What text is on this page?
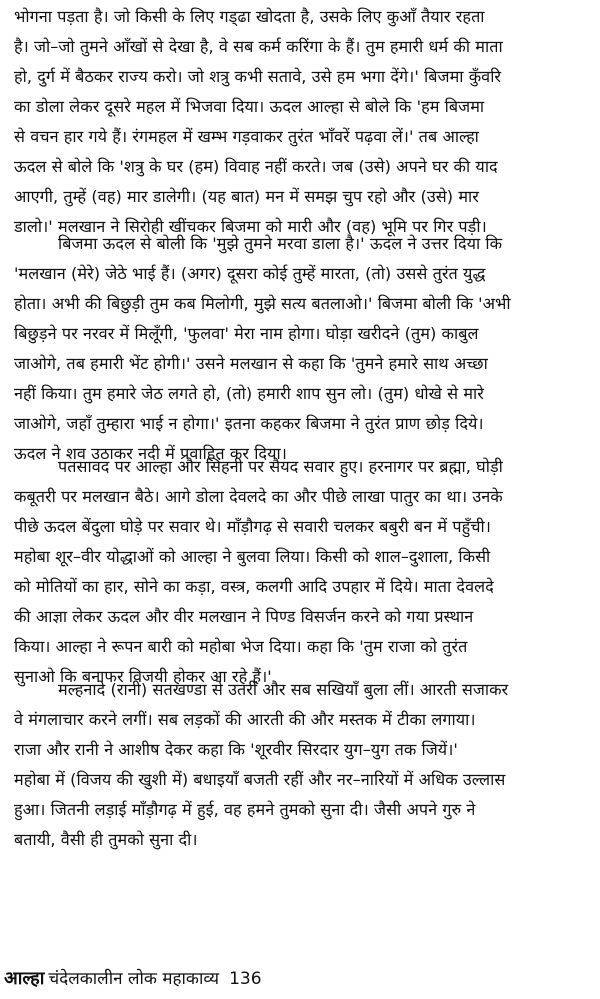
भोगना पड़ता है। जो किसी के लिए गड्‌ढा खोदता है, उसके लिए कुआँ तैयार रहता
है। जो–जो तुमने आँखों से देखा है, वे सब कर्म करिंगा के हैं। तुम हमारी धर्म की माता
हो, दुर्ग में बैठकर राज्य करो। जो शत्रु कभी सतावे, उसे हम भगा देंगे।' बिजमा कुँवरि
का डोला लेकर दूसरे महल में भिजवा दिया। ऊदल आल्हा से बोले कि 'हम बिजमा
से वचन हार गये हैं। रंगमहल में खम्भ गड़वाकर तुरंत भाँवरें पढ़वा लें।' तब आल्हा
ऊदल से बोले कि 'शत्रु के घर (हम) विवाह नहीं करते। जब (उसे) अपने घर की याद
आएगी, तुम्हें (वह) मार डालेगी। (यह बात) मन में समझ चुप रहो और (उसे) मार
डालो।' मलखान ने सिरोही खींचकर बिजमा को मारी और (वह) भूमि पर गिर पड़ी।
बिजमा ऊदल से बोली कि 'मुझे तुमने मरवा डाला है।' ऊदल ने उत्तर दिया कि
'मलखान (मेरे) जेठे भाई हैं। (अगर) दूसरा कोई तुम्हें मारता, (तो) उससे तुरंत युद्ध
होता। अभी की बिछुड़ी तुम कब मिलोगी, मुझे सत्य बतलाओ।' बिजमा बोली कि 'अभी
बिछुड़ने पर नरवर में मिलूँगी, 'फुलवा' मेरा नाम होगा। घोड़ा खरीदने (तुम) काबुल
जाओगे, तब हमारी भेंट होगी।' उसने मलखान से कहा कि 'तुमने हमारे साथ अच्छा
नहीं किया। तुम हमारे जेठ लगते हो, (तो) हमारी शाप सुन लो। (तुम) धोखे से मारे
जाओगे, जहाँ तुम्हारा भाई न होगा।' इतना कहकर बिजमा ने तुरंत प्राण छोड़ दिये।
ऊदल ने शव उठाकर नदी में प्रवाहित कर दिया।
पतसावद पर आल्हा और सिंहनी पर सैयद सवार हुए। हरनागर पर ब्रह्मा, घोड़ी
कबूतरी पर मलखान बैठे। आगे डोला देवलदे का और पीछे लाखा पातुर का था। उनके
पीछे ऊदल बेंदुला घोड़े पर सवार थे। माँड़ौगढ़ से सवारी चलकर बबुरी बन में पहुँची।
महोबा शूर–वीर योद्धाओं को आल्हा ने बुलवा लिया। किसी को शाल–दुशाला, किसी
को मोतियों का हार, सोने का कड़ा, वस्त्र, कलगी आदि उपहार में दिये। माता देवलदे
की आज्ञा लेकर ऊदल और वीर मलखान ने पिण्ड विसर्जन करने को गया प्रस्थान
किया। आल्हा ने रूपन बारी को महोबा भेज दिया। कहा कि 'तुम राजा को तुरंत
सुनाओ कि बनाफर विजयी होकर आ रहे हैं।'
मल्हनादे (रानी) सतखण्डा से उतरीं और सब सखियाँ बुला लीं। आरती सजाकर
वे मंगलाचार करने लगीं। सब लड़कों की आरती की और मस्तक में टीका लगाया।
राजा और रानी ने आशीष देकर कहा कि 'शूरवीर सिरदार युग–युग तक जियें।'
महोबा में (विजय की खुशी में) बधाइयाँ बजती रहीं और नर–नारियों में अधिक उल्लास
हुआ। जितनी लड़ाई माँड़ौगढ़ में हुई, वह हमने तुमको सुना दी। जैसी अपने गुरु ने
बतायी, वैसी ही तुमको सुना दी।
आल्हा चंदेलकालीन लोक महाकाव्य 136
